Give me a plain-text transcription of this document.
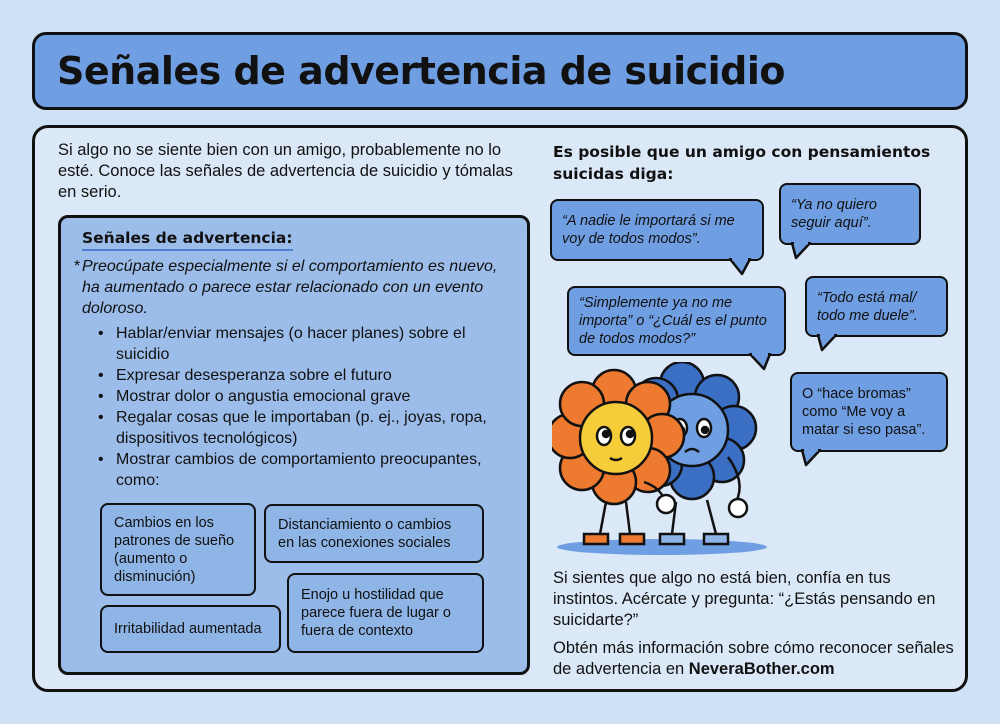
Señales de advertencia de suicidio

Si algo no se siente bien con un amigo, probablemente no lo esté. Conoce las señales de advertencia de suicidio y tómalas en serio.

Señales de advertencia:
* Preocúpate especialmente si el comportamiento es nuevo, ha aumentado o parece estar relacionado con un evento doloroso.
• Hablar/enviar mensajes (o hacer planes) sobre el suicidio
• Expresar desesperanza sobre el futuro
• Mostrar dolor o angustia emocional grave
• Regalar cosas que le importaban (p. ej., joyas, ropa, dispositivos tecnológicos)
• Mostrar cambios de comportamiento preocupantes, como:
Cambios en los patrones de sueño (aumento o disminución)
Distanciamiento o cambios en las conexiones sociales
Irritabilidad aumentada
Enojo u hostilidad que parece fuera de lugar o fuera de contexto
Es posible que un amigo con pensamientos suicidas diga:
“A nadie le importará si me voy de todos modos”.
“Ya no quiero seguir aquí”.
“Simplemente ya no me importa” o “¿Cuál es el punto de todos modos?”
“Todo está mal/ todo me duele”.
O “hace bromas” como “Me voy a matar si eso pasa”.

Si sientes que algo no está bien, confía en tus instintos. Acércate y pregunta: “¿Estás pensando en suicidarte?”

Obtén más información sobre cómo reconocer señales de advertencia en NeveraBother.com
